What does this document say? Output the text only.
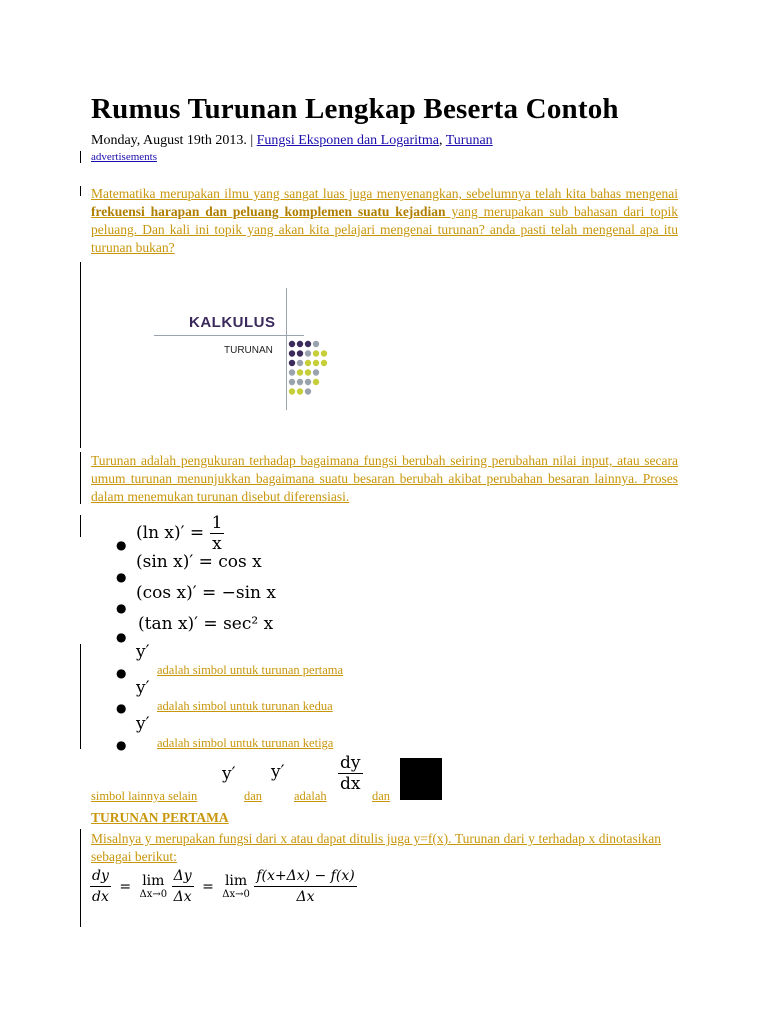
Rumus Turunan Lengkap Beserta Contoh
Monday, August 19th 2013. | Fungsi Eksponen dan Logaritma, Turunan
advertisements
Matematika merupakan ilmu yang sangat luas juga menyenangkan, sebelumnya telah kita bahas mengenai frekuensi harapan dan peluang komplemen suatu kejadian yang merupakan sub bahasan dari topik peluang. Dan kali ini topik yang akan kita pelajari mengenai turunan? anda pasti telah mengenal apa itu turunan bukan?
KALKULUS
TURUNAN
Turunan adalah pengukuran terhadap bagaimana fungsi berubah seiring perubahan nilai input, atau secara umum turunan menunjukkan bagaimana suatu besaran berubah akibat perubahan besaran lainnya. Proses dalam menemukan turunan disebut diferensiasi.
●
(ln $x)' = \frac{1}{x}$
●
(sin x)′ = cos x
●
(cos x)′ = −sin x
●
(tan x)′ = sec² x
●
y′
adalah simbol untuk turunan pertama
●
y′
adalah simbol untuk turunan kedua
●
y′
adalah simbol untuk turunan ketiga
simbol lainnya selain
y′
dan
y′
adalah
$\frac{dy}{dx}$
dan
TURUNAN PERTAMA
Misalnya y merupakan fungsi dari x atau dapat ditulis juga y=f(x). Turunan dari y terhadap x dinotasikan sebagai berikut:
$\frac{dy}{dx} = \lim$
Δx→0
$\frac{\Delta y}{\Delta x} = \lim$
Δx→0
$\frac{f(x+\Delta x) - f(x)}{\Delta x}$
